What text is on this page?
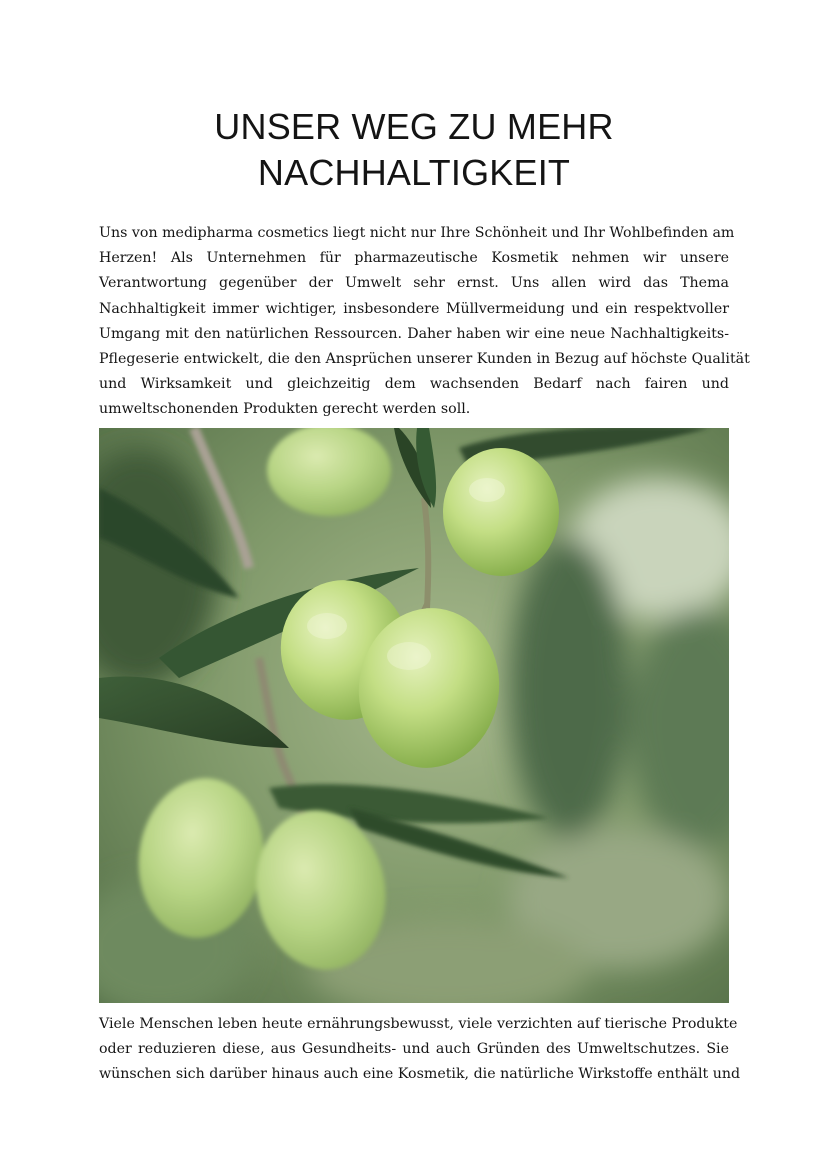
UNSER WEG ZU MEHR
NACHHALTIGKEIT

Uns von medipharma cosmetics liegt nicht nur Ihre Schönheit und Ihr Wohlbefinden am
Herzen! Als Unternehmen für pharmazeutische Kosmetik nehmen wir unsere
Verantwortung gegenüber der Umwelt sehr ernst. Uns allen wird das Thema
Nachhaltigkeit immer wichtiger, insbesondere Müllvermeidung und ein respektvoller
Umgang mit den natürlichen Ressourcen. Daher haben wir eine neue Nachhaltigkeits-
Pflegeserie entwickelt, die den Ansprüchen unserer Kunden in Bezug auf höchste Qualität
und Wirksamkeit und gleichzeitig dem wachsenden Bedarf nach fairen und
umweltschonenden Produkten gerecht werden soll.

Viele Menschen leben heute ernährungsbewusst, viele verzichten auf tierische Produkte
oder reduzieren diese, aus Gesundheits- und auch Gründen des Umweltschutzes. Sie
wünschen sich darüber hinaus auch eine Kosmetik, die natürliche Wirkstoffe enthält und
